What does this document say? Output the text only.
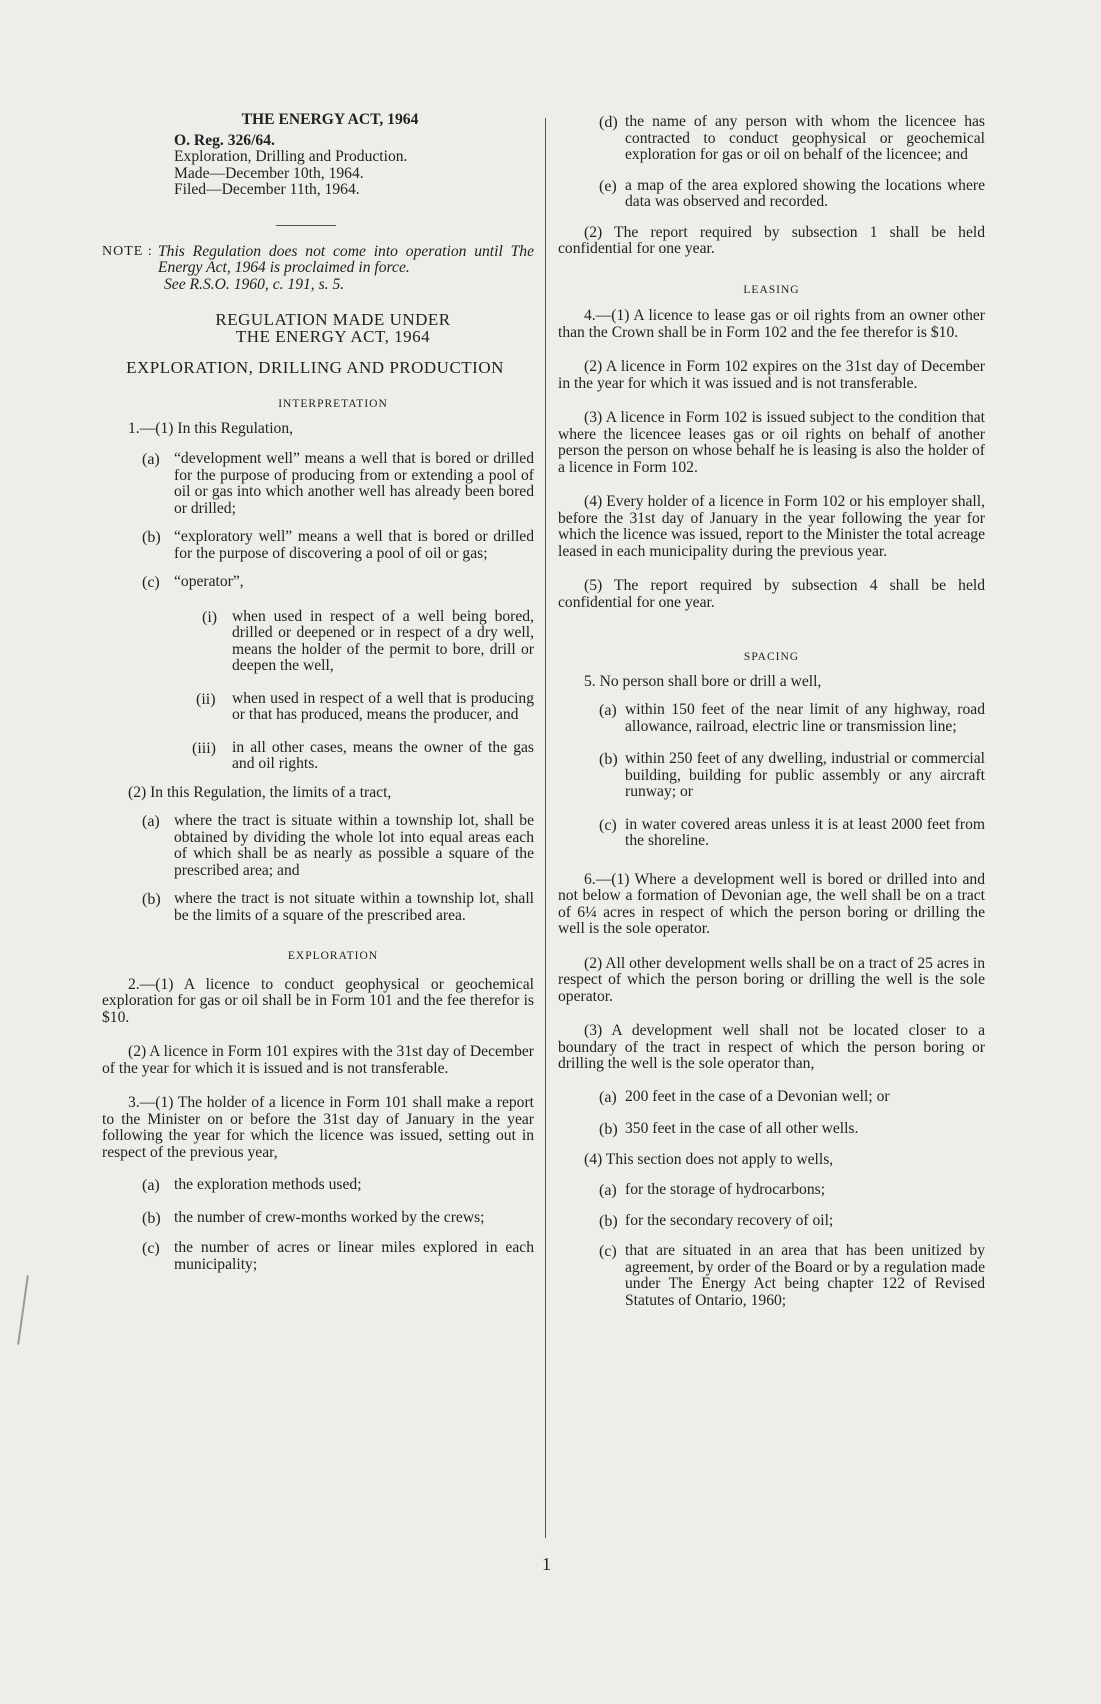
THE ENERGY ACT, 1964

O. Reg. 326/64.

Exploration, Drilling and Production.

Made—December 10th, 1964.

Filed—December 11th, 1964.

NOTE : This Regulation does not come into operation until The Energy Act, 1964 is proclaimed in force.

See R.S.O. 1960, c. 191, s. 5.

REGULATION MADE UNDER

THE ENERGY ACT, 1964

EXPLORATION, DRILLING AND PRODUCTION

INTERPRETATION

1.—(1) In this Regulation,

(a) “development well” means a well that is bored or drilled for the purpose of producing from or extending a pool of oil or gas into which another well has already been bored or drilled;

(b) “exploratory well” means a well that is bored or drilled for the purpose of discovering a pool of oil or gas;

(c) “operator”,

(i) when used in respect of a well being bored, drilled or deepened or in respect of a dry well, means the holder of the permit to bore, drill or deepen the well,

(ii) when used in respect of a well that is producing or that has produced, means the producer, and

(iii) in all other cases, means the owner of the gas and oil rights.

(2) In this Regulation, the limits of a tract,

(a) where the tract is situate within a township lot, shall be obtained by dividing the whole lot into equal areas each of which shall be as nearly as possible a square of the prescribed area; and

(b) where the tract is not situate within a township lot, shall be the limits of a square of the prescribed area.

EXPLORATION

2.—(1) A licence to conduct geophysical or geochemical exploration for gas or oil shall be in Form 101 and the fee therefor is $10.

(2) A licence in Form 101 expires with the 31st day of December of the year for which it is issued and is not transferable.

3.—(1) The holder of a licence in Form 101 shall make a report to the Minister on or before the 31st day of January in the year following the year for which the licence was issued, setting out in respect of the previous year,

(a) the exploration methods used;

(b) the number of crew-months worked by the crews;

(c) the number of acres or linear miles explored in each municipality;

(d) the name of any person with whom the licencee has contracted to conduct geophysical or geochemical exploration for gas or oil on behalf of the licencee; and

(e) a map of the area explored showing the locations where data was observed and recorded.

(2) The report required by subsection 1 shall be held confidential for one year.

LEASING

4.—(1) A licence to lease gas or oil rights from an owner other than the Crown shall be in Form 102 and the fee therefor is $10.

(2) A licence in Form 102 expires on the 31st day of December in the year for which it was issued and is not transferable.

(3) A licence in Form 102 is issued subject to the condition that where the licencee leases gas or oil rights on behalf of another person the person on whose behalf he is leasing is also the holder of a licence in Form 102.

(4) Every holder of a licence in Form 102 or his employer shall, before the 31st day of January in the year following the year for which the licence was issued, report to the Minister the total acreage leased in each municipality during the previous year.

(5) The report required by subsection 4 shall be held confidential for one year.

SPACING

5. No person shall bore or drill a well,

(a) within 150 feet of the near limit of any highway, road allowance, railroad, electric line or transmission line;

(b) within 250 feet of any dwelling, industrial or commercial building, building for public assembly or any aircraft runway; or

(c) in water covered areas unless it is at least 2000 feet from the shoreline.

6.—(1) Where a development well is bored or drilled into and not below a formation of Devonian age, the well shall be on a tract of 6¼ acres in respect of which the person boring or drilling the well is the sole operator.

(2) All other development wells shall be on a tract of 25 acres in respect of which the person boring or drilling the well is the sole operator.

(3) A development well shall not be located closer to a boundary of the tract in respect of which the person boring or drilling the well is the sole operator than,

(a) 200 feet in the case of a Devonian well; or

(b) 350 feet in the case of all other wells.

(4) This section does not apply to wells,

(a) for the storage of hydrocarbons;

(b) for the secondary recovery of oil;

(c) that are situated in an area that has been unitized by agreement, by order of the Board or by a regulation made under The Energy Act being chapter 122 of Revised Statutes of Ontario, 1960;

1
